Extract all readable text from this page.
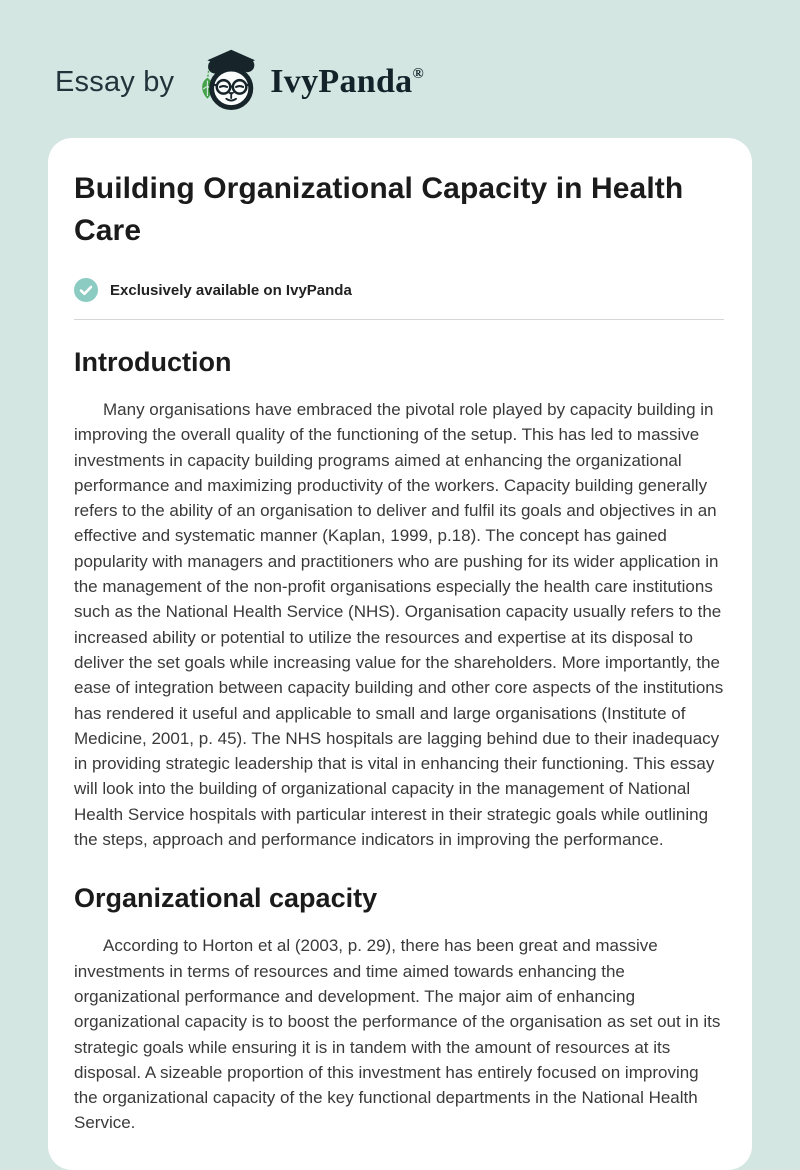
Essay by	IvyPanda®
Building Organizational Capacity in Health Care
Exclusively available on IvyPanda
Introduction

Many organisations have embraced the pivotal role played by capacity building in improving the overall quality of the functioning of the setup. This has led to massive investments in capacity building programs aimed at enhancing the organizational performance and maximizing productivity of the workers. Capacity building generally refers to the ability of an organisation to deliver and fulfil its goals and objectives in an effective and systematic manner (Kaplan, 1999, p.18). The concept has gained popularity with managers and practitioners who are pushing for its wider application in the management of the non-profit organisations especially the health care institutions such as the National Health Service (NHS). Organisation capacity usually refers to the increased ability or potential to utilize the resources and expertise at its disposal to deliver the set goals while increasing value for the shareholders. More importantly, the ease of integration between capacity building and other core aspects of the institutions has rendered it useful and applicable to small and large organisations (Institute of Medicine, 2001, p. 45). The NHS hospitals are lagging behind due to their inadequacy in providing strategic leadership that is vital in enhancing their functioning. This essay will look into the building of organizational capacity in the management of National Health Service hospitals with particular interest in their strategic goals while outlining the steps, approach and performance indicators in improving the performance.

Organizational capacity

According to Horton et al (2003, p. 29), there has been great and massive investments in terms of resources and time aimed towards enhancing the organizational performance and development. The major aim of enhancing organizational capacity is to boost the performance of the organisation as set out in its strategic goals while ensuring it is in tandem with the amount of resources at its disposal. A sizeable proportion of this investment has entirely focused on improving the organizational capacity of the key functional departments in the National Health Service.
